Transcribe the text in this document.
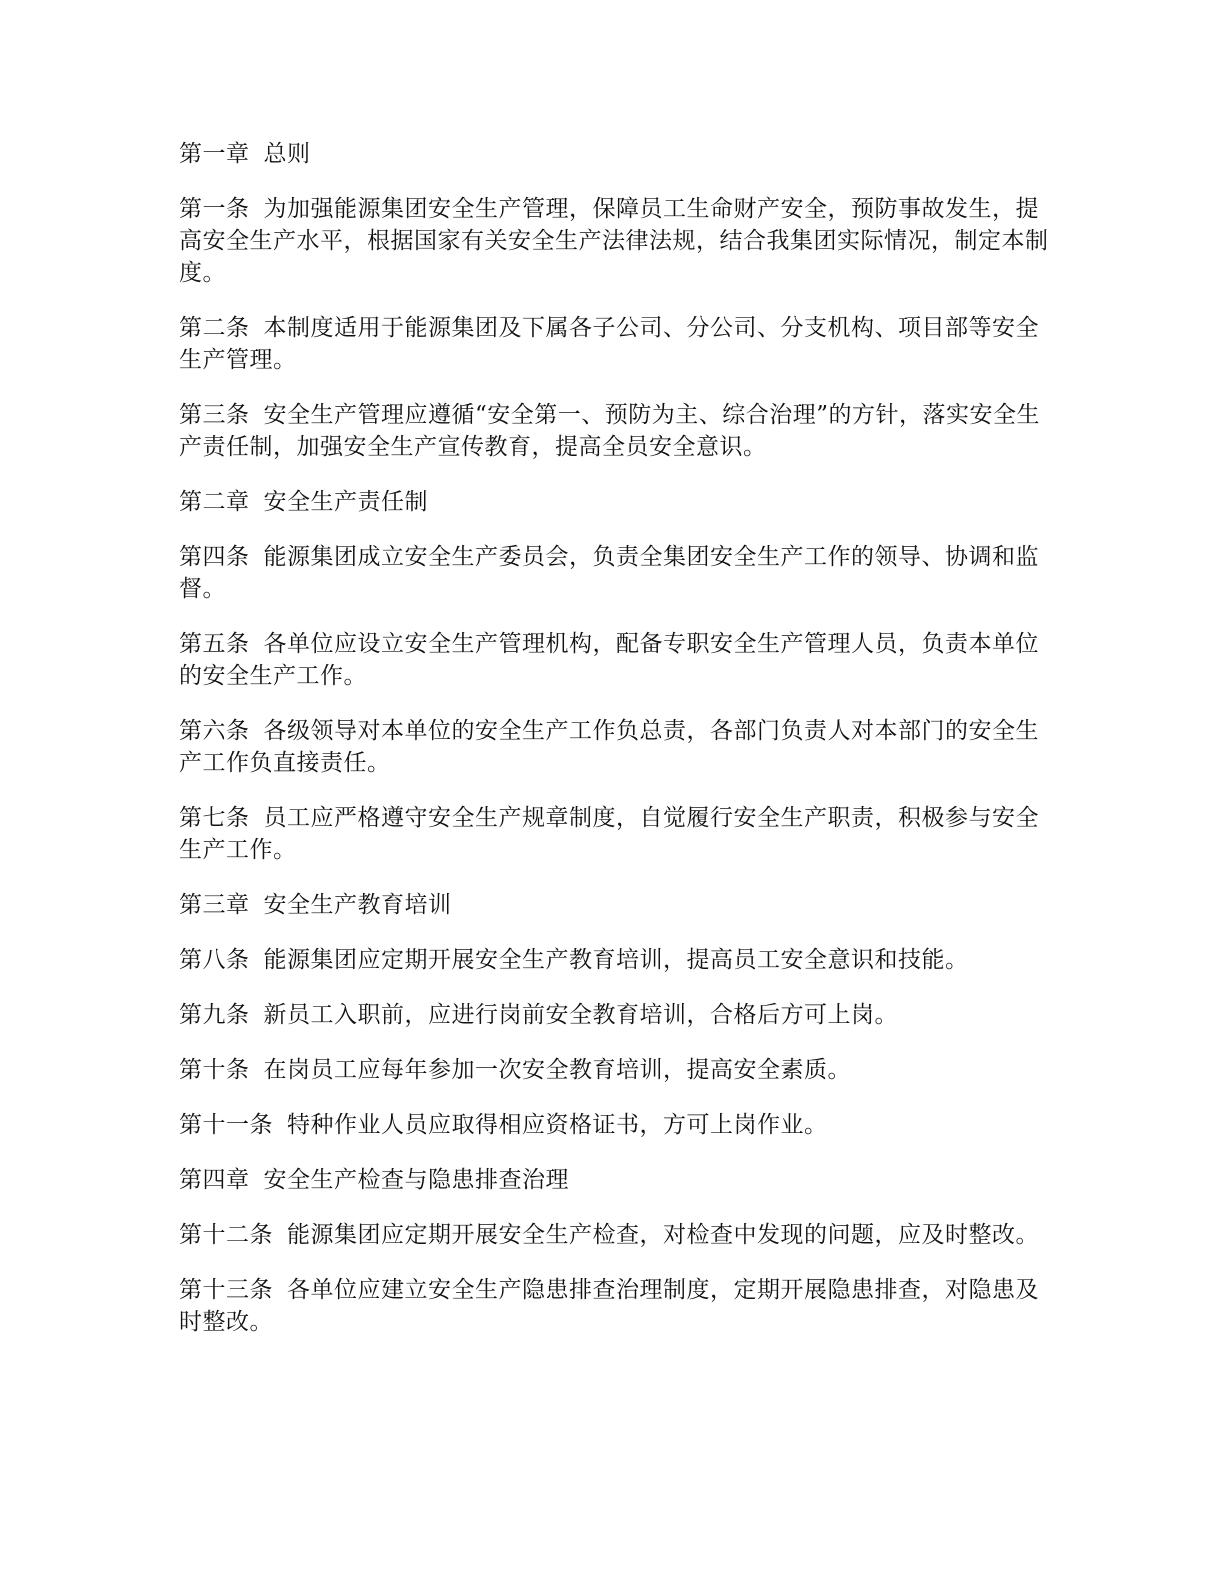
第一章 总则

第一条 为加强能源集团安全生产管理，保障员工生命财产安全，预防事故发生，提高安全生产水平，根据国家有关安全生产法律法规，结合我集团实际情况，制定本制度。

第二条 本制度适用于能源集团及下属各子公司、分公司、分支机构、项目部等安全生产管理。

第三条 安全生产管理应遵循“安全第一、预防为主、综合治理”的方针，落实安全生产责任制，加强安全生产宣传教育，提高全员安全意识。

第二章 安全生产责任制

第四条 能源集团成立安全生产委员会，负责全集团安全生产工作的领导、协调和监督。

第五条 各单位应设立安全生产管理机构，配备专职安全生产管理人员，负责本单位的安全生产工作。

第六条 各级领导对本单位的安全生产工作负总责，各部门负责人对本部门的安全生产工作负直接责任。

第七条 员工应严格遵守安全生产规章制度，自觉履行安全生产职责，积极参与安全生产工作。

第三章 安全生产教育培训

第八条 能源集团应定期开展安全生产教育培训，提高员工安全意识和技能。

第九条 新员工入职前，应进行岗前安全教育培训，合格后方可上岗。

第十条 在岗员工应每年参加一次安全教育培训，提高安全素质。

第十一条 特种作业人员应取得相应资格证书，方可上岗作业。

第四章 安全生产检查与隐患排查治理

第十二条 能源集团应定期开展安全生产检查，对检查中发现的问题，应及时整改。

第十三条 各单位应建立安全生产隐患排查治理制度，定期开展隐患排查，对隐患及时整改。
